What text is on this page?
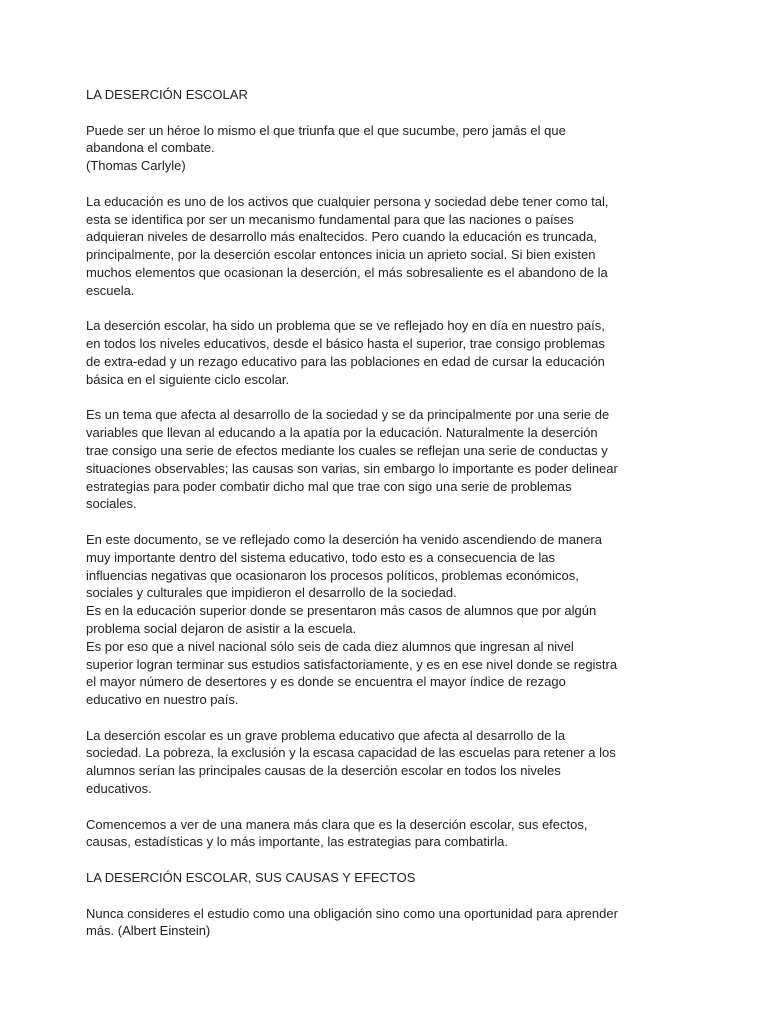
LA DESERCIÓN ESCOLAR
Puede ser un héroe lo mismo el que triunfa que el que sucumbe, pero jamás el que
abandona el combate.
(Thomas Carlyle)
La educación es uno de los activos que cualquier persona y sociedad debe tener como tal,
esta se identifica por ser un mecanismo fundamental para que las naciones o países
adquieran niveles de desarrollo más enaltecidos. Pero cuando la educación es truncada,
principalmente, por la deserción escolar entonces inicia un aprieto social. Si bien existen
muchos elementos que ocasionan la deserción, el más sobresaliente es el abandono de la
escuela.
La deserción escolar, ha sido un problema que se ve reflejado hoy en día en nuestro país,
en todos los niveles educativos, desde el básico hasta el superior, trae consigo problemas
de extra-edad y un rezago educativo para las poblaciones en edad de cursar la educación
básica en el siguiente ciclo escolar.
Es un tema que afecta al desarrollo de la sociedad y se da principalmente por una serie de
variables que llevan al educando a la apatía por la educación. Naturalmente la deserción
trae consigo una serie de efectos mediante los cuales se reflejan una serie de conductas y
situaciones observables; las causas son varias, sin embargo lo importante es poder delinear
estrategias para poder combatir dicho mal que trae con sigo una serie de problemas
sociales.
En este documento, se ve reflejado como la deserción ha venido ascendiendo de manera
muy importante dentro del sistema educativo, todo esto es a consecuencia de las
influencias negativas que ocasionaron los procesos políticos, problemas económicos,
sociales y culturales que impidieron el desarrollo de la sociedad.
Es en la educación superior donde se presentaron más casos de alumnos que por algún
problema social dejaron de asistir a la escuela.
Es por eso que a nivel nacional sólo seis de cada diez alumnos que ingresan al nivel
superior logran terminar sus estudios satisfactoriamente, y es en ese nivel donde se registra
el mayor número de desertores y es donde se encuentra el mayor índice de rezago
educativo en nuestro país.
La deserción escolar es un grave problema educativo que afecta al desarrollo de la
sociedad. La pobreza, la exclusión y la escasa capacidad de las escuelas para retener a los
alumnos serían las principales causas de la deserción escolar en todos los niveles
educativos.
Comencemos a ver de una manera más clara que es la deserción escolar, sus efectos,
causas, estadísticas y lo más importante, las estrategias para combatirla.
LA DESERCIÓN ESCOLAR, SUS CAUSAS Y EFECTOS
Nunca consideres el estudio como una obligación sino como una oportunidad para aprender
más. (Albert Einstein)
